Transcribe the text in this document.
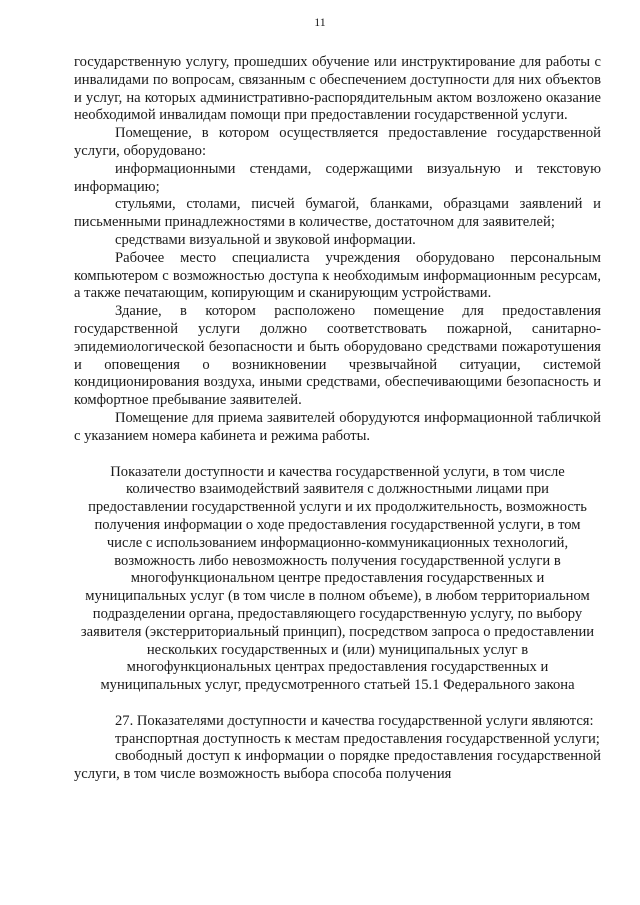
11

государственную услугу, прошедших обучение или инструктирование для работы с инвалидами по вопросам, связанным с обеспечением доступности для них объектов и услуг, на которых административно-распорядительным актом возложено оказание необходимой инвалидам помощи при предоставлении государственной услуги.

Помещение, в котором осуществляется предоставление государственной услуги, оборудовано:

информационными стендами, содержащими визуальную и текстовую информацию;

стульями, столами, писчей бумагой, бланками, образцами заявлений и письменными принадлежностями в количестве, достаточном для заявителей;

средствами визуальной и звуковой информации.

Рабочее место специалиста учреждения оборудовано персональным компьютером с возможностью доступа к необходимым информационным ресурсам, а также печатающим, копирующим и сканирующим устройствами.

Здание, в котором расположено помещение для предоставления государственной услуги должно соответствовать пожарной, санитарно-эпидемиологической безопасности и быть оборудовано средствами пожаротушения и оповещения о возникновении чрезвычайной ситуации, системой кондиционирования воздуха, иными средствами, обеспечивающими безопасность и комфортное пребывание заявителей.

Помещение для приема заявителей оборудуются информационной табличкой с указанием номера кабинета и режима работы.

Показатели доступности и качества государственной услуги, в том числе количество взаимодействий заявителя с должностными лицами при предоставлении государственной услуги и их продолжительность, возможность получения информации о ходе предоставления государственной услуги, в том числе с использованием информационно-коммуникационных технологий, возможность либо невозможность получения государственной услуги в многофункциональном центре предоставления государственных и муниципальных услуг (в том числе в полном объеме), в любом территориальном подразделении органа, предоставляющего государственную услугу, по выбору заявителя (экстерриториальный принцип), посредством запроса о предоставлении нескольких государственных и (или) муниципальных услуг в многофункциональных центрах предоставления государственных и муниципальных услуг, предусмотренного статьей 15.1 Федерального закона

27. Показателями доступности и качества государственной услуги являются:

транспортная доступность к местам предоставления государственной услуги;

свободный доступ к информации о порядке предоставления государственной услуги, в том числе возможность выбора способа получения
